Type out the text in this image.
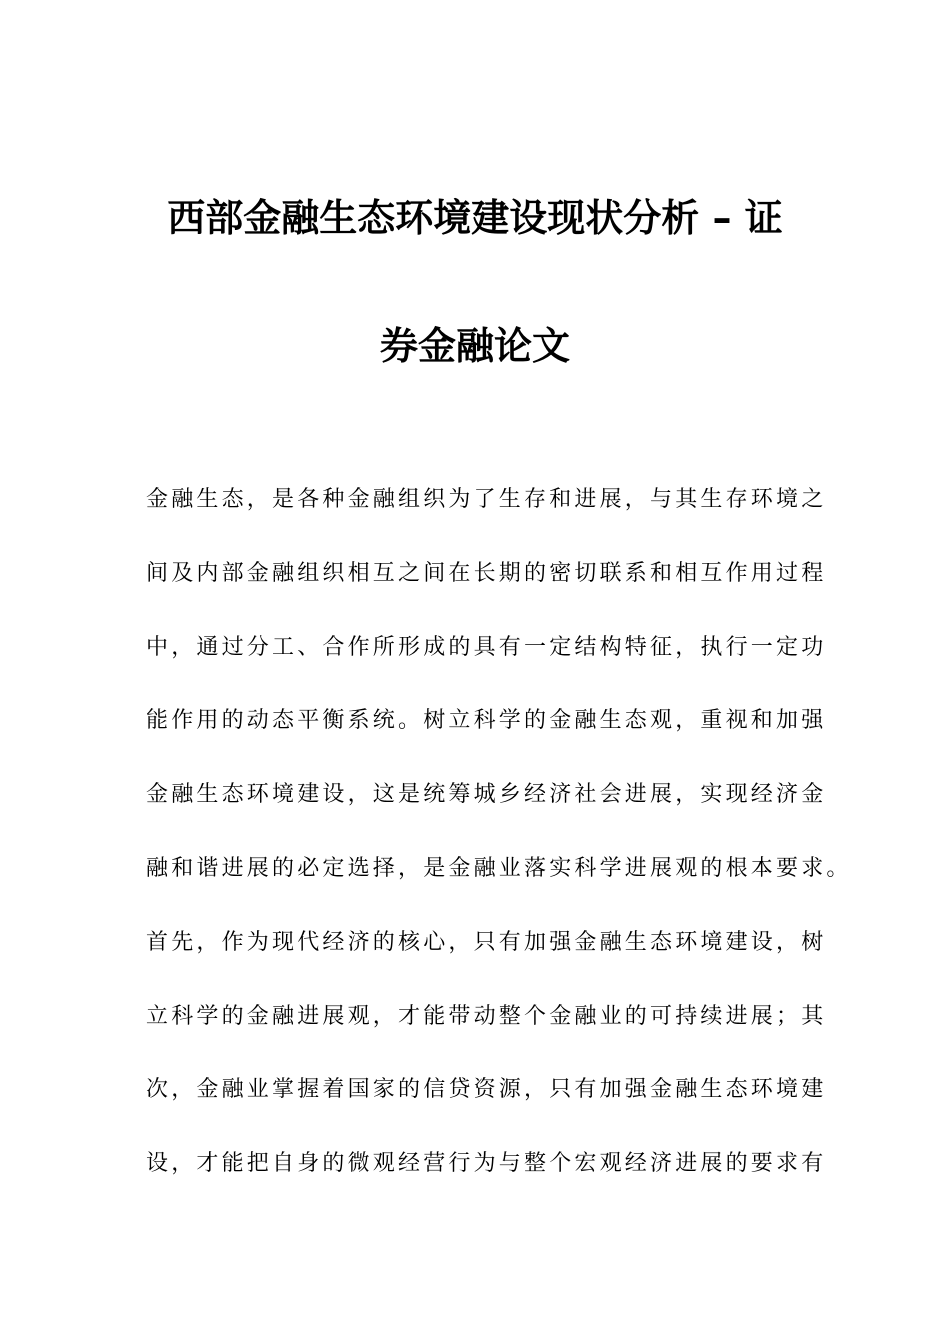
西部金融生态环境建设现状分析 – 证
券金融论文
金融生态，是各种金融组织为了生存和进展，与其生存环境之
间及内部金融组织相互之间在长期的密切联系和相互作用过程
中，通过分工、合作所形成的具有一定结构特征，执行一定功
能作用的动态平衡系统。树立科学的金融生态观，重视和加强
金融生态环境建设，这是统筹城乡经济社会进展，实现经济金
融和谐进展的必定选择，是金融业落实科学进展观的根本要求。
首先，作为现代经济的核心，只有加强金融生态环境建设，树
立科学的金融进展观，才能带动整个金融业的可持续进展；其
次，金融业掌握着国家的信贷资源，只有加强金融生态环境建
设，才能把自身的微观经营行为与整个宏观经济进展的要求有
